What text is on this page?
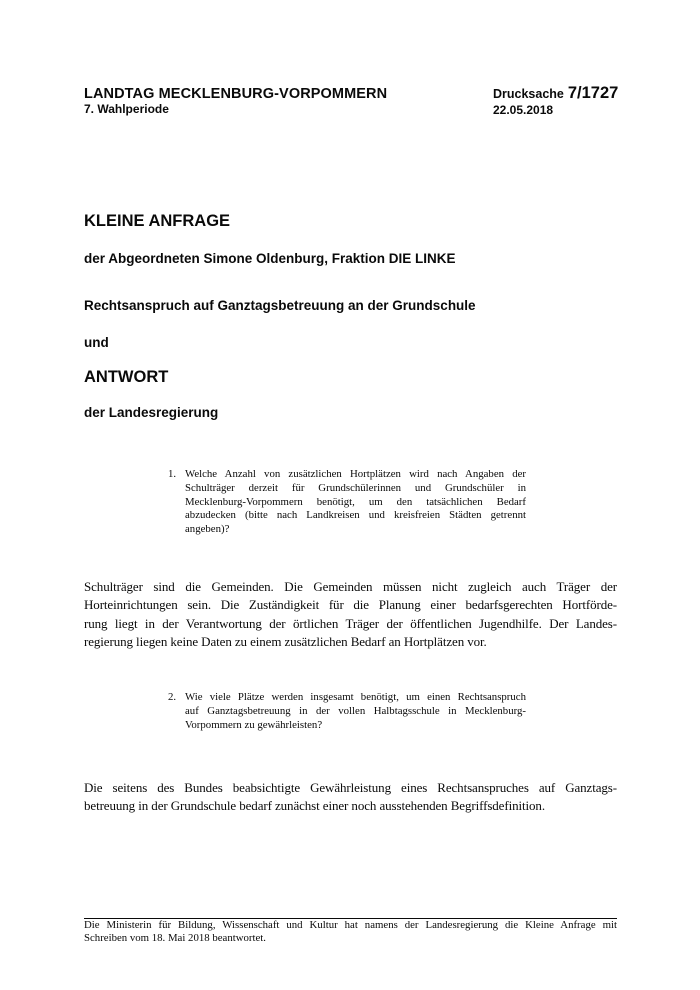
LANDTAG MECKLENBURG-VORPOMMERN
7. Wahlperiode
Drucksache 7/1727
22.05.2018
KLEINE ANFRAGE
der Abgeordneten Simone Oldenburg, Fraktion DIE LINKE
Rechtsanspruch auf Ganztagsbetreuung an der Grundschule
und
ANTWORT
der Landesregierung
1. Welche Anzahl von zusätzlichen Hortplätzen wird nach Angaben der
Schulträger derzeit für Grundschülerinnen und Grundschüler in
Mecklenburg-Vorpommern benötigt, um den tatsächlichen Bedarf
abzudecken (bitte nach Landkreisen und kreisfreien Städten getrennt
angeben)?
Schulträger sind die Gemeinden. Die Gemeinden müssen nicht zugleich auch Träger der
Horteinrichtungen sein. Die Zuständigkeit für die Planung einer bedarfsgerechten Hortförde-
rung liegt in der Verantwortung der örtlichen Träger der öffentlichen Jugendhilfe. Der Landes-
regierung liegen keine Daten zu einem zusätzlichen Bedarf an Hortplätzen vor.
2. Wie viele Plätze werden insgesamt benötigt, um einen Rechtsanspruch
auf Ganztagsbetreuung in der vollen Halbtagsschule in Mecklenburg-
Vorpommern zu gewährleisten?
Die seitens des Bundes beabsichtigte Gewährleistung eines Rechtsanspruches auf Ganztags-
betreuung in der Grundschule bedarf zunächst einer noch ausstehenden Begriffsdefinition.
Die Ministerin für Bildung, Wissenschaft und Kultur hat namens der Landesregierung die Kleine Anfrage mit
Schreiben vom 18. Mai 2018 beantwortet.
